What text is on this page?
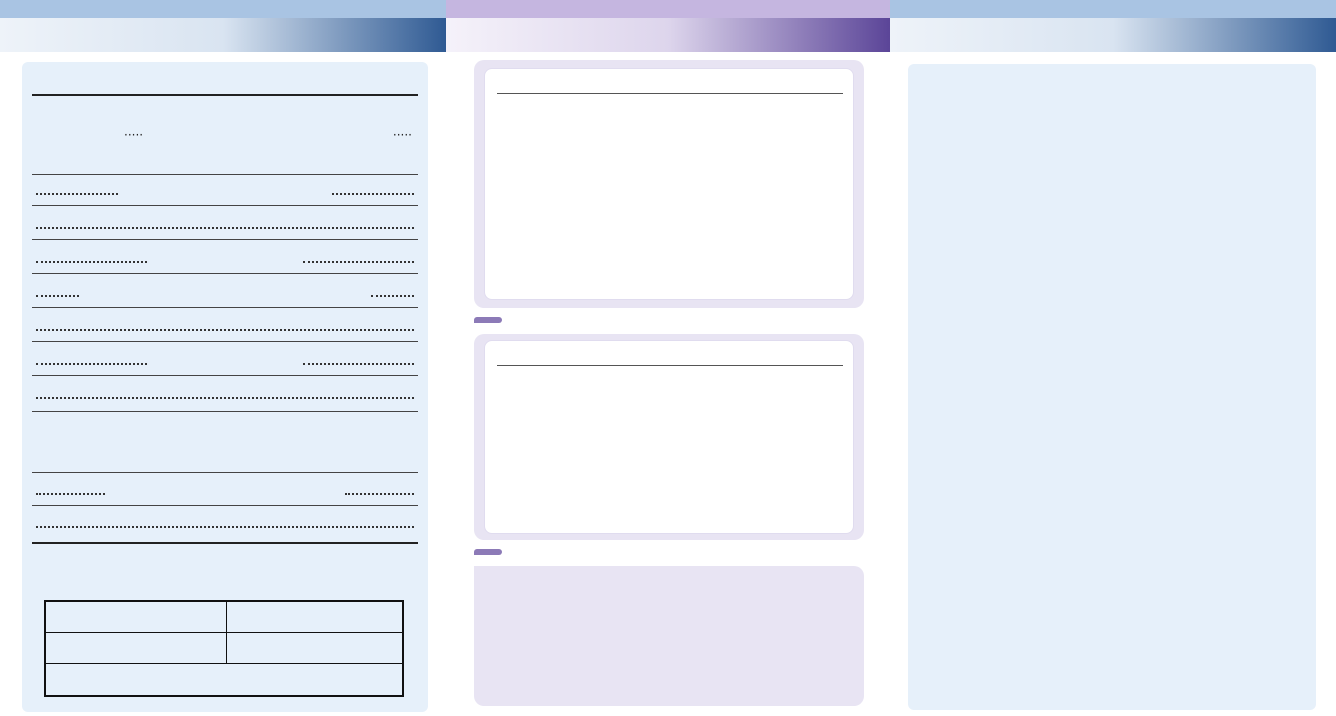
·····	·····
